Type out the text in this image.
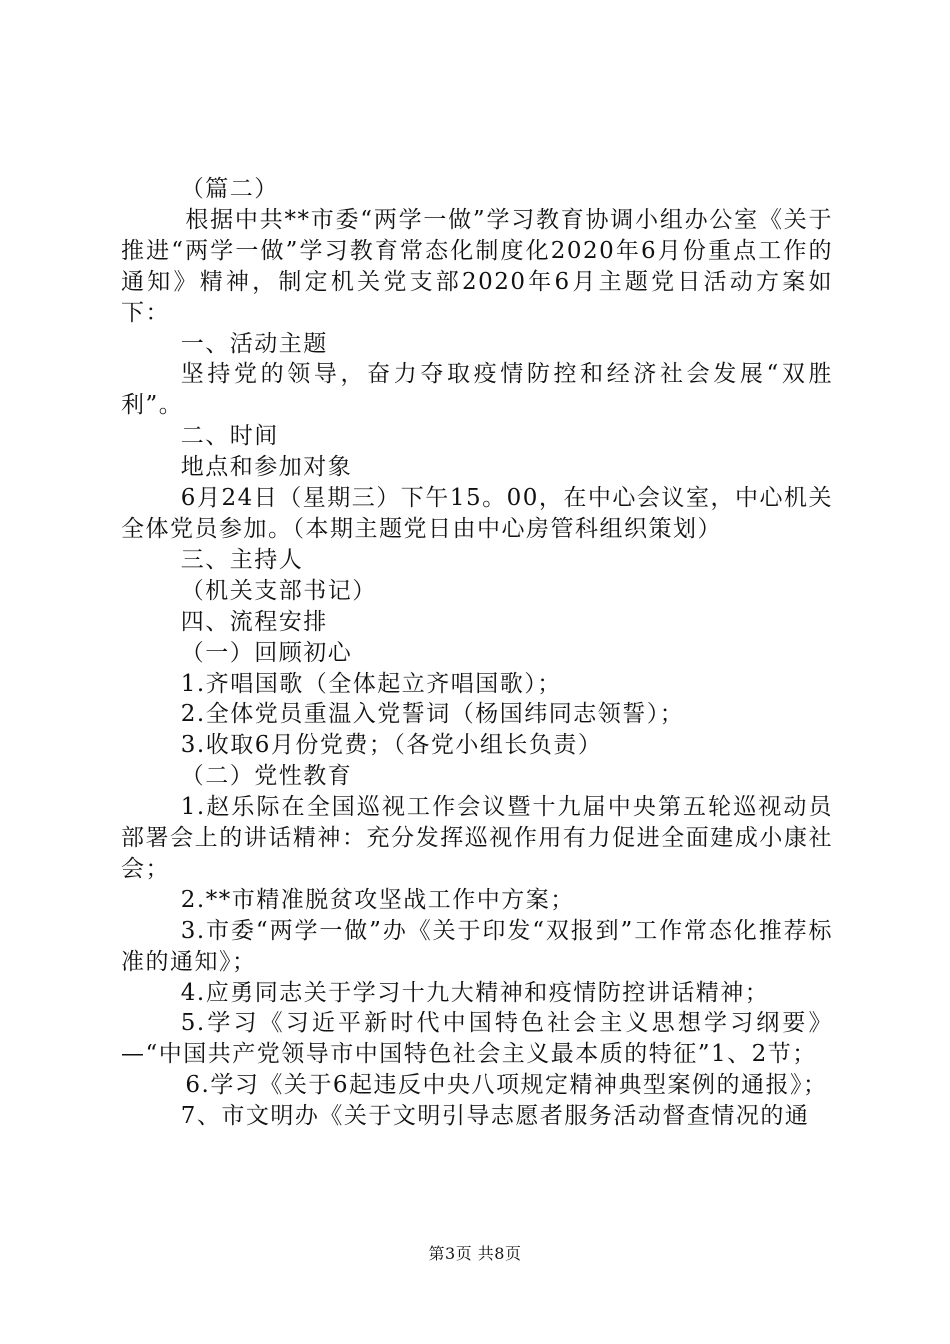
（篇二）

根据中共**市委“两学一做”学习教育协调小组办公室《关于推进“两学一做”学习教育常态化制度化2020年6月份重点工作的通知》精神，制定机关党支部2020年6月主题党日活动方案如下：

一、活动主题

坚持党的领导，奋力夺取疫情防控和经济社会发展“双胜利”。

二、时间

地点和参加对象

6月24日（星期三）下午15。00，在中心会议室，中心机关全体党员参加。（本期主题党日由中心房管科组织策划）

三、主持人

（机关支部书记）

四、流程安排

（一）回顾初心

1.齐唱国歌（全体起立齐唱国歌）；

2.全体党员重温入党誓词（杨国纬同志领誓）；

3.收取6月份党费；（各党小组长负责）

（二）党性教育

1.赵乐际在全国巡视工作会议暨十九届中央第五轮巡视动员部署会上的讲话精神：充分发挥巡视作用有力促进全面建成小康社会；

2.**市精准脱贫攻坚战工作中方案；

3.市委“两学一做”办《关于印发“双报到”工作常态化推荐标准的通知》；

4.应勇同志关于学习十九大精神和疫情防控讲话精神；

5.学习《习近平新时代中国特色社会主义思想学习纲要》—“中国共产党领导市中国特色社会主义最本质的特征”1、2节；

6.学习《关于6起违反中央八项规定精神典型案例的通报》；

7、市文明办《关于文明引导志愿者服务活动督查情况的通

第3页 共8页
